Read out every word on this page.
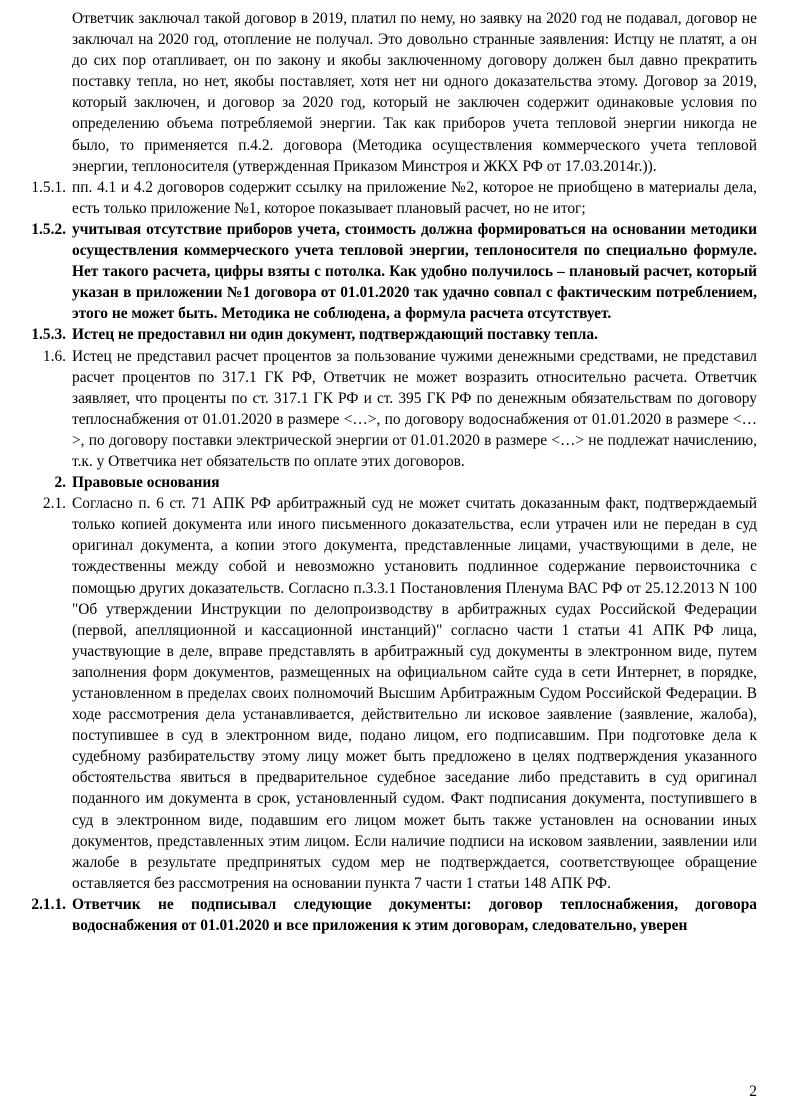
Ответчик заключал такой договор в 2019, платил по нему, но заявку на 2020 год не подавал, договор не заключал на 2020 год, отопление не получал. Это довольно странные заявления: Истцу не платят, а он до сих пор отапливает, он по закону и якобы заключенному договору должен был давно прекратить поставку тепла, но нет, якобы поставляет, хотя нет ни одного доказательства этому. Договор за 2019, который заключен, и договор за 2020 год, который не заключен содержит одинаковые условия по определению объема потребляемой энергии. Так как приборов учета тепловой энергии никогда не было, то применяется п.4.2. договора (Методика осуществления коммерческого учета тепловой энергии, теплоносителя (утвержденная Приказом Минстроя и ЖКХ РФ от 17.03.2014г.)).

1.5.1. пп. 4.1 и 4.2 договоров содержит ссылку на приложение №2, которое не приобщено в материалы дела, есть только приложение №1, которое показывает плановый расчет, но не итог;
1.5.2. учитывая отсутствие приборов учета, стоимость должна формироваться на основании методики осуществления коммерческого учета тепловой энергии, теплоносителя по специально формуле. Нет такого расчета, цифры взяты с потолка. Как удобно получилось – плановый расчет, который указан в приложении №1 договора от 01.01.2020 так удачно совпал с фактическим потреблением, этого не может быть. Методика не соблюдена, а формула расчета отсутствует.
1.5.3. Истец не предоставил ни один документ, подтверждающий поставку тепла.
1.6. Истец не представил расчет процентов за пользование чужими денежными средствами, не представил расчет процентов по 317.1 ГК РФ, Ответчик не может возразить относительно расчета. Ответчик заявляет, что проценты по ст. 317.1 ГК РФ и ст. 395 ГК РФ по денежным обязательствам по договору теплоснабжения от 01.01.2020 в размере <…>, по договору водоснабжения от 01.01.2020 в размере <…>, по договору поставки электрической энергии от 01.01.2020 в размере <…> не подлежат начислению, т.к. у Ответчика нет обязательств по оплате этих договоров.
2. Правовые основания
2.1. Согласно п. 6 ст. 71 АПК РФ арбитражный суд не может считать доказанным факт, подтверждаемый только копией документа или иного письменного доказательства, если утрачен или не передан в суд оригинал документа, а копии этого документа, представленные лицами, участвующими в деле, не тождественны между собой и невозможно установить подлинное содержание первоисточника с помощью других доказательств. Согласно п.3.3.1 Постановления Пленума ВАС РФ от 25.12.2013 N 100 "Об утверждении Инструкции по делопроизводству в арбитражных судах Российской Федерации (первой, апелляционной и кассационной инстанций)" согласно части 1 статьи 41 АПК РФ лица, участвующие в деле, вправе представлять в арбитражный суд документы в электронном виде, путем заполнения форм документов, размещенных на официальном сайте суда в сети Интернет, в порядке, установленном в пределах своих полномочий Высшим Арбитражным Судом Российской Федерации. В ходе рассмотрения дела устанавливается, действительно ли исковое заявление (заявление, жалоба), поступившее в суд в электронном виде, подано лицом, его подписавшим. При подготовке дела к судебному разбирательству этому лицу может быть предложено в целях подтверждения указанного обстоятельства явиться в предварительное судебное заседание либо представить в суд оригинал поданного им документа в срок, установленный судом. Факт подписания документа, поступившего в суд в электронном виде, подавшим его лицом может быть также установлен на основании иных документов, представленных этим лицом. Если наличие подписи на исковом заявлении, заявлении или жалобе в результате предпринятых судом мер не подтверждается, соответствующее обращение оставляется без рассмотрения на основании пункта 7 части 1 статьи 148 АПК РФ.
2.1.1. Ответчик не подписывал следующие документы: договор теплоснабжения, договора водоснабжения от 01.01.2020 и все приложения к этим договорам, следовательно, уверен
2
